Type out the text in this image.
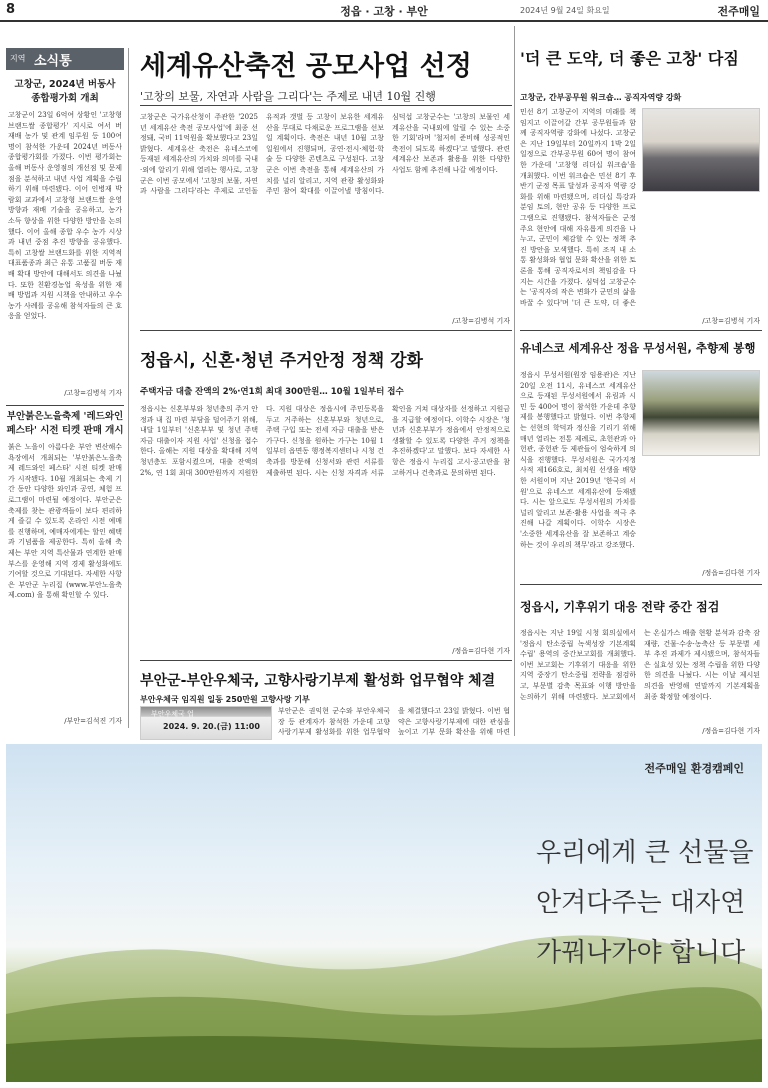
8	정읍 · 고창 · 부안	2024년 9월 24일 화요일	전주매일
지역 소식통
고창군, 2024년 버동사
종합평가회 개최
고창군이 23일 6억여 상황인 '고창형 브랜드쌀 종합평가' 지시로 여서 버 재배 농가 및 관계 임루원 등 100여 명이 참석한 가운데 2024년 버동사 종합평가회를 가졌다. 이번 평가회는 올해 버동사 운영점의 개선점 및 문제점을 분석하고 내년 사업 계획을 수립하기 위해 마련됐다. 이어 인병재 박람회 교과에서 고창형 브랜드쌀 운영 방향과 재배 기술을 공유하고, 농가 소득 향상을 위한 다양한 방안을 논의했다. 이어 올해 종합 우수 농가 시상과 내년 중점 추진 방향을 공유했다. 특히 고창쌀 브랜드화를 위한 지역적 대표품종과 최근 유통 고품질 버동 재배 확대 방안에 대해서도 의견을 나눴다. 또한 친환경농업 육성을 위한 재배 방법과 지원 시책을 안내하고 우수 농가 사례를 공유해 참석자들의 큰 호응을 얻었다.
/고창=김병석 기자
부안붉은노을축제 '레드와인
페스타' 시전 티켓 판매 개시
붉은 노을이 아름다운 부안 변산해수욕장에서 개최되는 '부안붉은노을축제 레드와인 페스타' 시전 티켓 판매가 시작됐다. 10월 개최되는 축제 기간 동안 다양한 와인과 공연, 체험 프로그램이 마련될 예정이다. 부안군은 축제를 찾는 관광객들이 보다 편리하게 즐길 수 있도록 온라인 시전 예매를 진행하며, 예매자에게는 할인 혜택과 기념품을 제공한다. 특히 올해 축제는 부안 지역 특산물과 연계한 판매 부스를 운영해 지역 경제 활성화에도 기여할 것으로 기대된다. 자세한 사항은 부안군 누리집 (www.부안노을축제.com) 을 통해 확인할 수 있다.
/부안=김석진 기자
세계유산축전 공모사업 선정
'고창의 보물, 자연과 사람을 그리다'는 주제로 내년 10월 진행
고창군은 국가유산청이 주관한 '2025년 세계유산 축전 공모사업'에 최종 선정돼, 국비 11억원을 확보했다고 23일 밝혔다. 세계유산 축전은 유네스코에 등재된 세계유산의 가치와 의미를 국내·외에 알리기 위해 열리는 행사로, 고창군은 이번 공모에서 '고창의 보물, 자연과 사람을 그리다'라는 주제로 고인돌 유적과 갯벌 등 고창이 보유한 세계유산을 무대로 다채로운 프로그램을 선보일 계획이다. 축전은 내년 10월 고창 일원에서 진행되며, 공연·전시·체험·학술 등 다양한 콘텐츠로 구성된다. 고창군은 이번 축전을 통해 세계유산의 가치를 널리 알리고, 지역 관광 활성화와 주민 참여 확대를 이끌어낼 방침이다. 심덕섭 고창군수는 '고창의 보물인 세계유산을 국내외에 알릴 수 있는 소중한 기회'라며 '철저히 준비해 성공적인 축전이 되도록 하겠다'고 말했다. 관련 세계유산 보존과 활용을 위한 다양한 사업도 함께 추진해 나갈 예정이다.
/고창=김병석 기자
정읍시, 신혼·청년 주거안정 정책 강화
주택자금 대출 잔액의 2%·연1회 최대 300만원… 10월 1일부터 접수
정읍시는 신혼부부와 청년층의 주거 안정과 내 집 마련 부담을 덜어주기 위해, 내달 1일부터 '신혼부부 및 청년 주택자금 대출이자 지원 사업' 신청을 접수한다. 올해는 지원 대상을 확대해 지역 청년층도 포함시켰으며, 대출 잔액의 2%, 연 1회 최대 300만원까지 지원한다. 지원 대상은 정읍시에 주민등록을 두고 거주하는 신혼부부와 청년으로, 주택 구입 또는 전세 자금 대출을 받은 가구다. 신청을 원하는 가구는 10월 1일부터 읍면동 행정복지센터나 시청 건축과를 방문해 신청서와 관련 서류를 제출하면 된다. 시는 신청 자격과 서류 확인을 거쳐 대상자를 선정하고 지원금을 지급할 예정이다. 이학수 시장은 '청년과 신혼부부가 정읍에서 안정적으로 생활할 수 있도록 다양한 주거 정책을 추진하겠다'고 말했다. 보다 자세한 사항은 정읍시 누리집 고시·공고란을 참고하거나 건축과로 문의하면 된다.
/정읍=김다현 기자
부안군-부안우체국, 고향사랑기부제 활성화 업무협약 체결
부안우체국 임직원 일동 250만원 고향사랑 기부
부안우체국 업
2024. 9. 20.(금) 11:00
부안군은 권익현 군수와 부안우체국장 등 관계자가 참석한 가운데 고향사랑기부제 활성화를 위한 업무협약을 체결했다고 23일 밝혔다. 이번 협약은 고향사랑기부제에 대한 관심을 높이고 기부 문화 확산을 위해 마련
'더 큰 도약, 더 좋은 고창' 다짐
고창군, 간부공무원 워크숍… 공직자역량 강화
민선 8기 고창군이 지역의 미래를 책임지고 이끌어갈 간부 공무원들과 함께 공직자역량 강화에 나섰다. 고창군은 지난 19일부터 20일까지 1박 2일 일정으로 간부공무원 60여 명이 참여한 가운데 '고창형 리더십 워크숍'을 개최했다. 이번 워크숍은 민선 8기 후반기 군정 목표 달성과 공직자 역량 강화를 위해 마련됐으며, 리더십 특강과 분임 토의, 현안 공유 등 다양한 프로그램으로 진행됐다. 참석자들은 군정 주요 현안에 대해 자유롭게 의견을 나누고, 군민이 체감할 수 있는 정책 추진 방안을 모색했다. 특히 조직 내 소통 활성화와 협업 문화 확산을 위한 토론을 통해 공직자로서의 책임감을 다지는 시간을 가졌다. 심덕섭 고창군수는 '공직자의 작은 변화가 군민의 삶을 바꿀 수 있다'며 '더 큰 도약, 더 좋은
/고창=김병석 기자
유네스코 세계유산 정읍 무성서원, 추향제 봉행
정읍시 무성서원(원장 임용관)은 지난 20일 오전 11시, 유네스코 세계유산으로 등재된 무성서원에서 유림과 시민 등 400여 명이 참석한 가운데 추향제를 봉행했다고 밝혔다. 이번 추향제는 선현의 학덕과 정신을 기리기 위해 매년 열리는 전통 제례로, 초헌관과 아헌관, 종헌관 등 제관들이 엄숙하게 의식을 진행했다. 무성서원은 국가지정 사적 제166호로, 최치원 선생을 배향한 서원이며 지난 2019년 '한국의 서원'으로 유네스코 세계유산에 등재됐다. 시는 앞으로도 무성서원의 가치를 널리 알리고 보존·활용 사업을 적극 추진해 나갈 계획이다. 이학수 시장은 '소중한 세계유산을 잘 보존하고 계승하는 것이 우리의 책무'라고 강조했다.
/정읍=김다현 기자
정읍시, 기후위기 대응 전략 중간 점검
정읍시는 지난 19일 시청 회의실에서 '정읍시 탄소중립 녹색성장 기본계획 수립' 용역의 중간보고회를 개최했다. 이번 보고회는 기후위기 대응을 위한 지역 중장기 탄소중립 전략을 점검하고, 부문별 감축 목표와 이행 방안을 논의하기 위해 마련됐다. 보고회에서는 온실가스 배출 현황 분석과 감축 잠재량, 건물·수송·농축산 등 부문별 세부 추진 과제가 제시됐으며, 참석자들은 실효성 있는 정책 수립을 위한 다양한 의견을 나눴다. 시는 이날 제시된 의견을 반영해 연말까지 기본계획을 최종 확정할 예정이다.
/정읍=김다현 기자
전주매일 환경캠페인
우리에게 큰 선물을
안겨다주는 대자연
가꿔나가야 합니다
